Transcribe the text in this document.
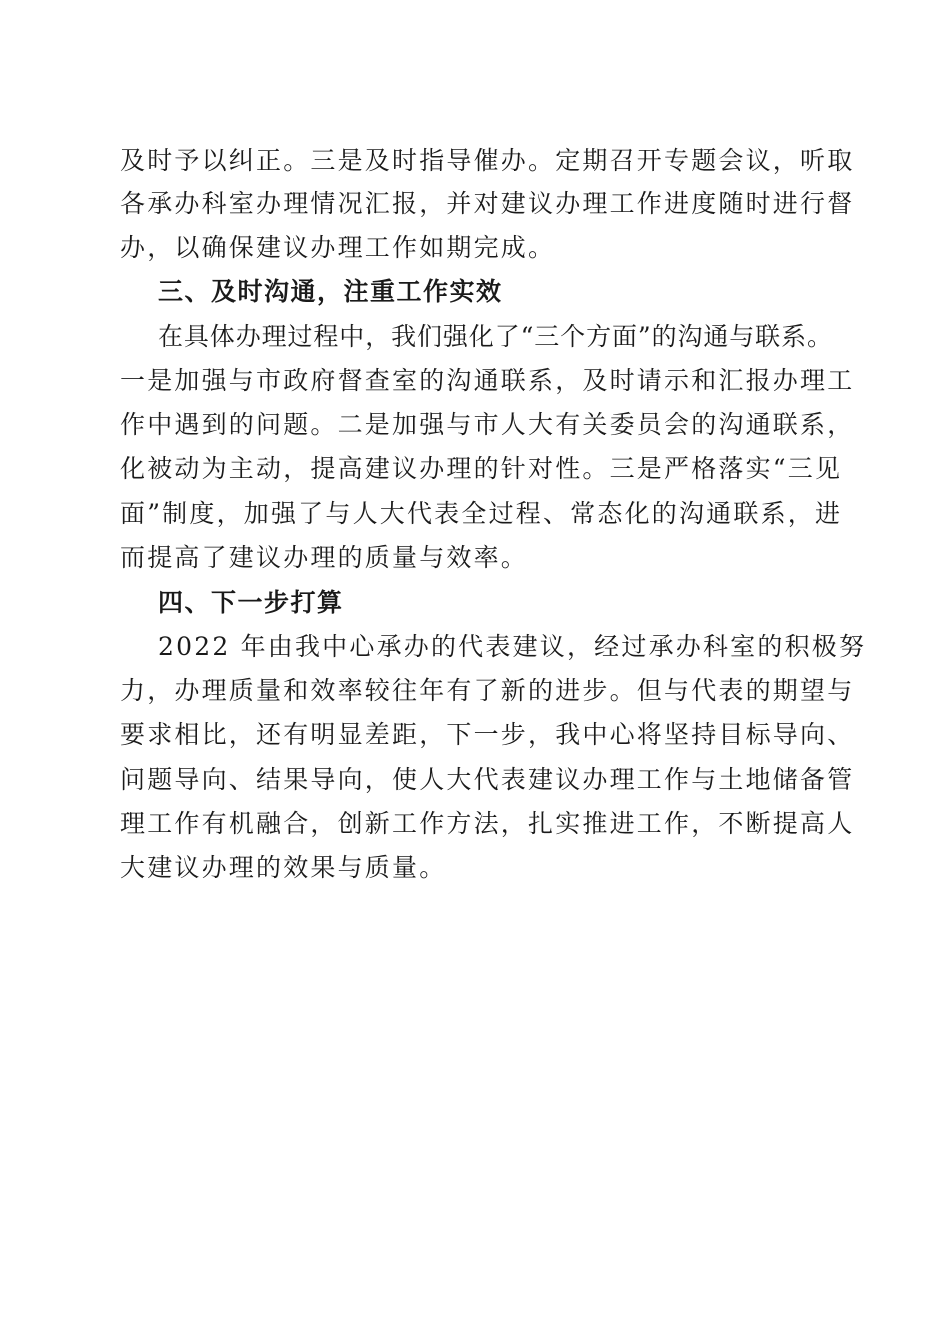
及时予以纠正。三是及时指导催办。定期召开专题会议，听取
各承办科室办理情况汇报，并对建议办理工作进度随时进行督
办，以确保建议办理工作如期完成。
三、及时沟通，注重工作实效
在具体办理过程中，我们强化了“三个方面”的沟通与联系。
一是加强与市政府督查室的沟通联系，及时请示和汇报办理工
作中遇到的问题。二是加强与市人大有关委员会的沟通联系，
化被动为主动，提高建议办理的针对性。三是严格落实“三见
面”制度，加强了与人大代表全过程、常态化的沟通联系，进
而提高了建议办理的质量与效率。
四、下一步打算
2022 年由我中心承办的代表建议，经过承办科室的积极努
力，办理质量和效率较往年有了新的进步。但与代表的期望与
要求相比，还有明显差距，下一步，我中心将坚持目标导向、
问题导向、结果导向，使人大代表建议办理工作与土地储备管
理工作有机融合，创新工作方法，扎实推进工作，不断提高人
大建议办理的效果与质量。
